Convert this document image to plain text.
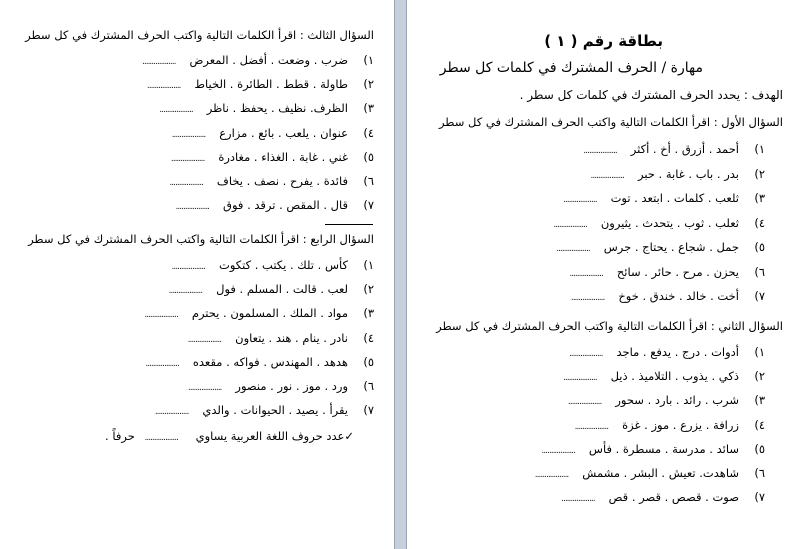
السؤال الثالث : اقرأ الكلمات التالية واكتب الحرف المشترك في كل سطر
١)ضرب . وضعت . أفضل . المعرض..................
٢)طاولة . قطط . الطائرة . الخياط..................
٣)الظرف. نظيف . يحفظ . ناظر..................
٤)عنوان . يلعب . بائع . مزارع..................
٥)غني . غابة . الغذاء . مغادرة..................
٦)فائدة . يفرح . نصف . يخاف..................
٧)قال . المقص . ترقد . فوق..................
السؤال الرابع : اقرأ الكلمات التالية واكتب الحرف المشترك في كل سطر
١)كأس . تلك . يكتب . كتكوت..................
٢)لعب . قالت . المسلم . فول..................
٣)مواد . الملك . المسلمون . يحترم..................
٤)نادر . ينام . هند . يتعاون..................
٥)هدهد . المهندس . فواكه . مقعده..................
٦)ورد . موز . نور . منصور..................
٧)يقرأ . يصيد . الحيوانات . والدي..................
✓عدد حروف اللغة العربية يساوي .................. حرفاً .
بطاقة رقم ( ١ )
مهارة / الحرف المشترك في كلمات كل سطر
الهدف : يحدد الحرف المشترك في كلمات كل سطر .
السؤال الأول : اقرأ الكلمات التالية واكتب الحرف المشترك في كل سطر
١)أحمد . أزرق . أخ . أكثر..................
٢)بدر . باب . غابة . حبر..................
٣)ثلعب . كلمات . ابتعد . توت..................
٤)ثعلب . ثوب . يتحدث . يثيرون..................
٥)جمل . شجاع . يحتاج . جرس..................
٦)يحزن . مرح . حائر . سائح..................
٧)أخت . خالد . خندق . خوخ..................
السؤال الثاني : اقرأ الكلمات التالية واكتب الحرف المشترك في كل سطر
١)أدوات . درج . يدفع . ماجد..................
٢)ذكي . يذوب . التلاميذ . ذيل..................
٣)شرب . رائد . بارد . سحور..................
٤)زرافة . يزرع . موز . غزة..................
٥)سائد . مدرسة . مسطرة . فأس..................
٦)شاهدت. تعيش . البشر . مشمش..................
٧)صوت . قصص . قصر . قص..................
